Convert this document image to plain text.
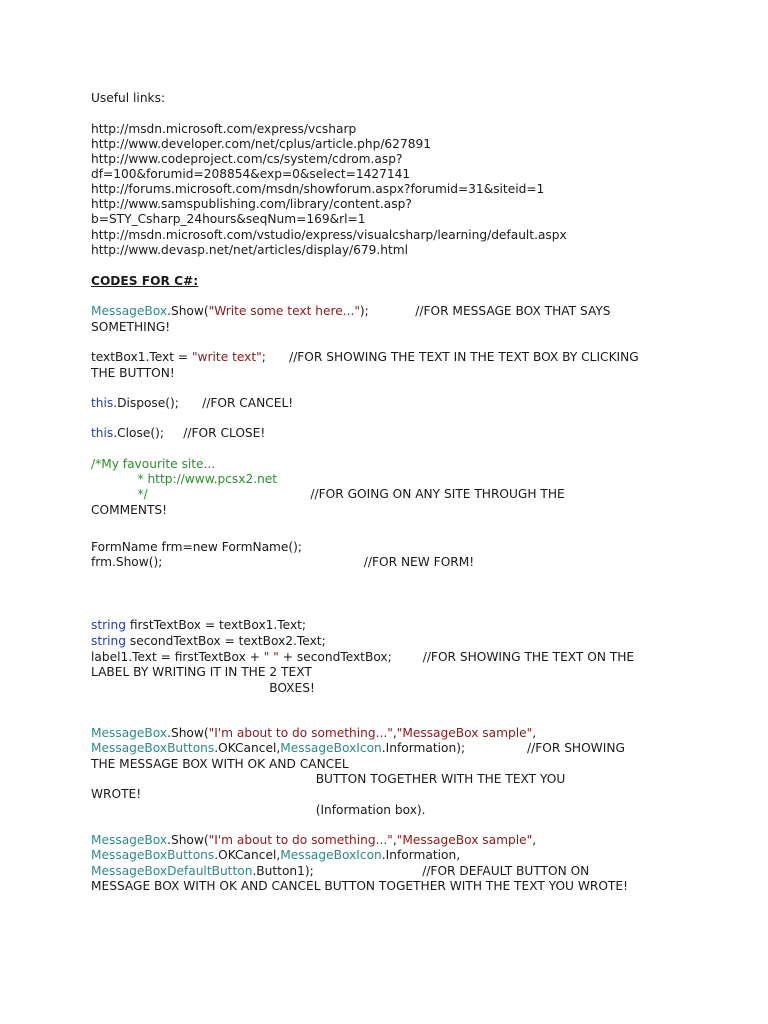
Useful links:
http://msdn.microsoft.com/express/vcsharp
http://www.developer.com/net/cplus/article.php/627891
http://www.codeproject.com/cs/system/cdrom.asp?
df=100&forumid=208854&exp=0&select=1427141
http://forums.microsoft.com/msdn/showforum.aspx?forumid=31&siteid=1
http://www.samspublishing.com/library/content.asp?
b=STY_Csharp_24hours&seqNum=169&rl=1
http://msdn.microsoft.com/vstudio/express/visualcsharp/learning/default.aspx
http://www.devasp.net/net/articles/display/679.html
CODES FOR C#:
MessageBox.Show("Write some text here...");            //FOR MESSAGE BOX THAT SAYS
SOMETHING!
textBox1.Text = "write text";      //FOR SHOWING THE TEXT IN THE TEXT BOX BY CLICKING
THE BUTTON!
this.Dispose();      //FOR CANCEL!
this.Close();     //FOR CLOSE!
/*My favourite site...
* http://www.pcsx2.net
*/                                          //FOR GOING ON ANY SITE THROUGH THE
COMMENTS!
FormName frm=new FormName();
frm.Show();                                                    //FOR NEW FORM!
string firstTextBox = textBox1.Text;
string secondTextBox = textBox2.Text;
label1.Text = firstTextBox + " " + secondTextBox;        //FOR SHOWING THE TEXT ON THE
LABEL BY WRITING IT IN THE 2 TEXT
BOXES!
MessageBox.Show("I'm about to do something...","MessageBox sample",
MessageBoxButtons.OKCancel,MessageBoxIcon.Information);                //FOR SHOWING
THE MESSAGE BOX WITH OK AND CANCEL
BUTTON TOGETHER WITH THE TEXT YOU
WROTE!
(Information box).
MessageBox.Show("I'm about to do something...","MessageBox sample",
MessageBoxButtons.OKCancel,MessageBoxIcon.Information,
MessageBoxDefaultButton.Button1);                            //FOR DEFAULT BUTTON ON
MESSAGE BOX WITH OK AND CANCEL BUTTON TOGETHER WITH THE TEXT YOU WROTE!
